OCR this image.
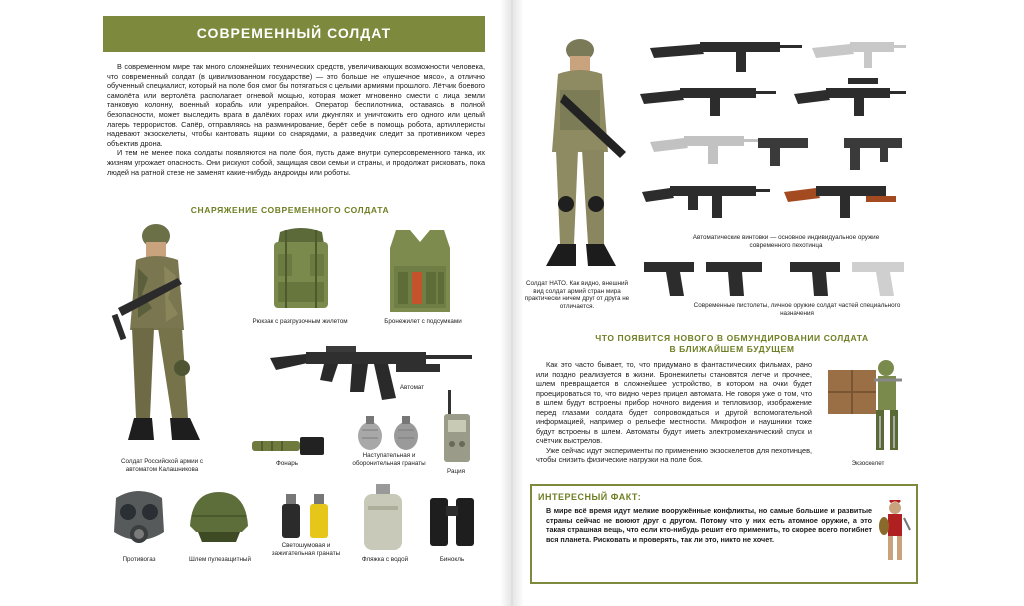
СОВРЕМЕННЫЙ СОЛДАТ

В современном мире так много сложнейших технических средств, увеличивающих возможности человека, что современный солдат (в цивилизованном государстве) — это больше не «пушечное мясо», а отлично обученный специалист, который на поле боя смог бы потягаться с целыми армиями прошлого. Лётчик боевого самолёта или вертолёта располагает огневой мощью, которая может мгновенно смести с лица земли танковую колонну, военный корабль или укрепрайон. Оператор беспилотника, оставаясь в полной безопасности, может выследить врага в далёких горах или джунглях и уничтожить его одного или целый лагерь террористов. Сапёр, отправляясь на разминирование, берёт себе в помощь робота, артиллеристы надевают экзоскелеты, чтобы кантовать ящики со снарядами, а разведчик следит за противником через объектив дрона.

И тем не менее пока солдаты появляются на поле боя, пусть даже внутри суперсовременного танка, их жизням угрожает опасность. Они рискуют собой, защищая свои семьи и страны, и продолжат рисковать, пока людей на ратной стезе не заменят какие-нибудь андроиды или роботы.

СНАРЯЖЕНИЕ СОВРЕМЕННОГО СОЛДАТА
Солдат Российской армии с автоматом Калашникова
Рюкзак с разгрузочным жилетом	Бронежилет с подсумками
Автомат
Фонарь
Наступательная и оборонительная гранаты
Рация
Противогаз	Шлем пулезащитный
Светошумовая и зажигательная гранаты
Фляжка с водой	Бинокль
Солдат НАТО. Как видно, внешний вид солдат армий стран мира практически ничем друг от друга не отличается.
Автоматические винтовки — основное индивидуальное оружие современного пехотинца
Современные пистолеты, личное оружие солдат частей специального назначения
ЧТО ПОЯВИТСЯ НОВОГО В ОБМУНДИРОВАНИИ СОЛДАТА
В БЛИЖАЙШЕМ БУДУЩЕМ

Как это часто бывает, то, что придумано в фантастических фильмах, рано или поздно реализуется в жизни. Бронежилеты становятся легче и прочнее, шлем превращается в сложнейшее устройство, в котором на очки будет проецироваться то, что видно через прицел автомата. Не говоря уже о том, что в шлем будут встроены прибор ночного видения и тепловизор, изображение перед глазами солдата будет сопровождаться и другой вспомогательной информацией, например о рельефе местности. Микрофон и наушники тоже будут встроены в шлем. Автоматы будут иметь электромеханический спуск и счётчик выстрелов.

Уже сейчас идут эксперименты по применению экзоскелетов для пехотинцев, чтобы снизить физические нагрузки на поле боя.	Экзоскелет
ИНТЕРЕСНЫЙ ФАКТ:
В мире всё время идут мелкие вооружённые конфликты, но самые большие и развитые страны сейчас не воюют друг с другом. Потому что у них есть атомное оружие, а это такая страшная вещь, что если кто-нибудь решит его применить, то скорее всего погибнет вся планета. Рисковать и проверять, так ли это, никто не хочет.
